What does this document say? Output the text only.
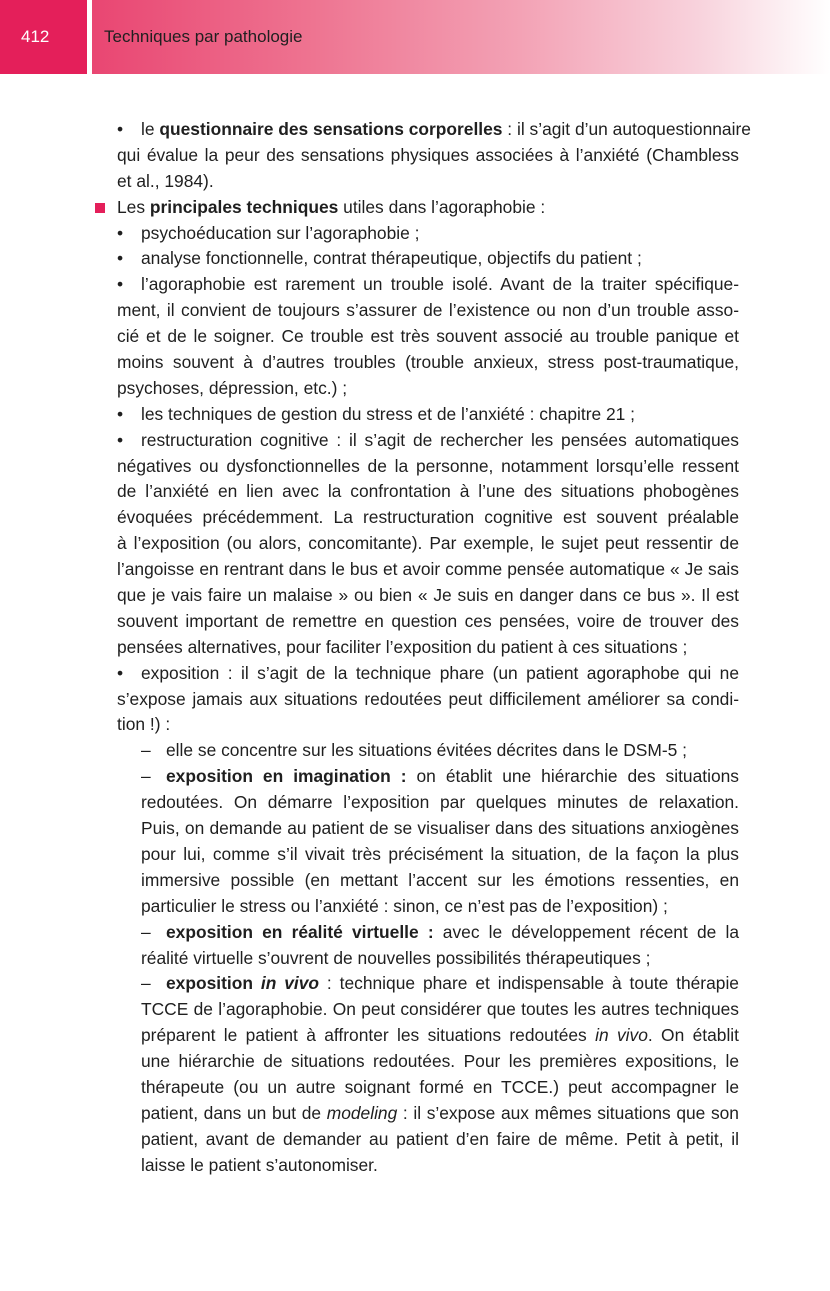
412	Techniques par pathologie

• le questionnaire des sensations corporelles : il s’agit d’un autoquestionnaire

qui évalue la peur des sensations physiques associées à l’anxiété (Chambless

et al., 1984).

Les principales techniques utiles dans l’agoraphobie :

• psychoéducation sur l’agoraphobie ;

• analyse fonctionnelle, contrat thérapeutique, objectifs du patient ;

• l’agoraphobie est rarement un trouble isolé. Avant de la traiter spécifique-

ment, il convient de toujours s’assurer de l’existence ou non d’un trouble asso-

cié et de le soigner. Ce trouble est très souvent associé au trouble panique et

moins souvent à d’autres troubles (trouble anxieux, stress post-traumatique,

psychoses, dépression, etc.) ;

• les techniques de gestion du stress et de l’anxiété : chapitre 21 ;

• restructuration cognitive : il s’agit de rechercher les pensées automatiques

négatives ou dysfonctionnelles de la personne, notamment lorsqu’elle ressent

de l’anxiété en lien avec la confrontation à l’une des situations phobogènes

évoquées précédemment. La restructuration cognitive est souvent préalable

à l’exposition (ou alors, concomitante). Par exemple, le sujet peut ressentir de

l’angoisse en rentrant dans le bus et avoir comme pensée automatique « Je sais

que je vais faire un malaise » ou bien « Je suis en danger dans ce bus ». Il est

souvent important de remettre en question ces pensées, voire de trouver des

pensées alternatives, pour faciliter l’exposition du patient à ces situations ;

• exposition : il s’agit de la technique phare (un patient agoraphobe qui ne

s’expose jamais aux situations redoutées peut difficilement améliorer sa condi-

tion !) :

– elle se concentre sur les situations évitées décrites dans le DSM-5 ;

– exposition en imagination : on établit une hiérarchie des situations

redoutées. On démarre l’exposition par quelques minutes de relaxation.

Puis, on demande au patient de se visualiser dans des situations anxiogènes

pour lui, comme s’il vivait très précisément la situation, de la façon la plus

immersive possible (en mettant l’accent sur les émotions ressenties, en

particulier le stress ou l’anxiété : sinon, ce n’est pas de l’exposition) ;

– exposition en réalité virtuelle : avec le développement récent de la

réalité virtuelle s’ouvrent de nouvelles possibilités thérapeutiques ;

– exposition in vivo : technique phare et indispensable à toute thérapie

TCCE de l’agoraphobie. On peut considérer que toutes les autres techniques

préparent le patient à affronter les situations redoutées in vivo. On établit

une hiérarchie de situations redoutées. Pour les premières expositions, le

thérapeute (ou un autre soignant formé en TCCE.) peut accompagner le

patient, dans un but de modeling : il s’expose aux mêmes situations que son

patient, avant de demander au patient d’en faire de même. Petit à petit, il

laisse le patient s’autonomiser.
